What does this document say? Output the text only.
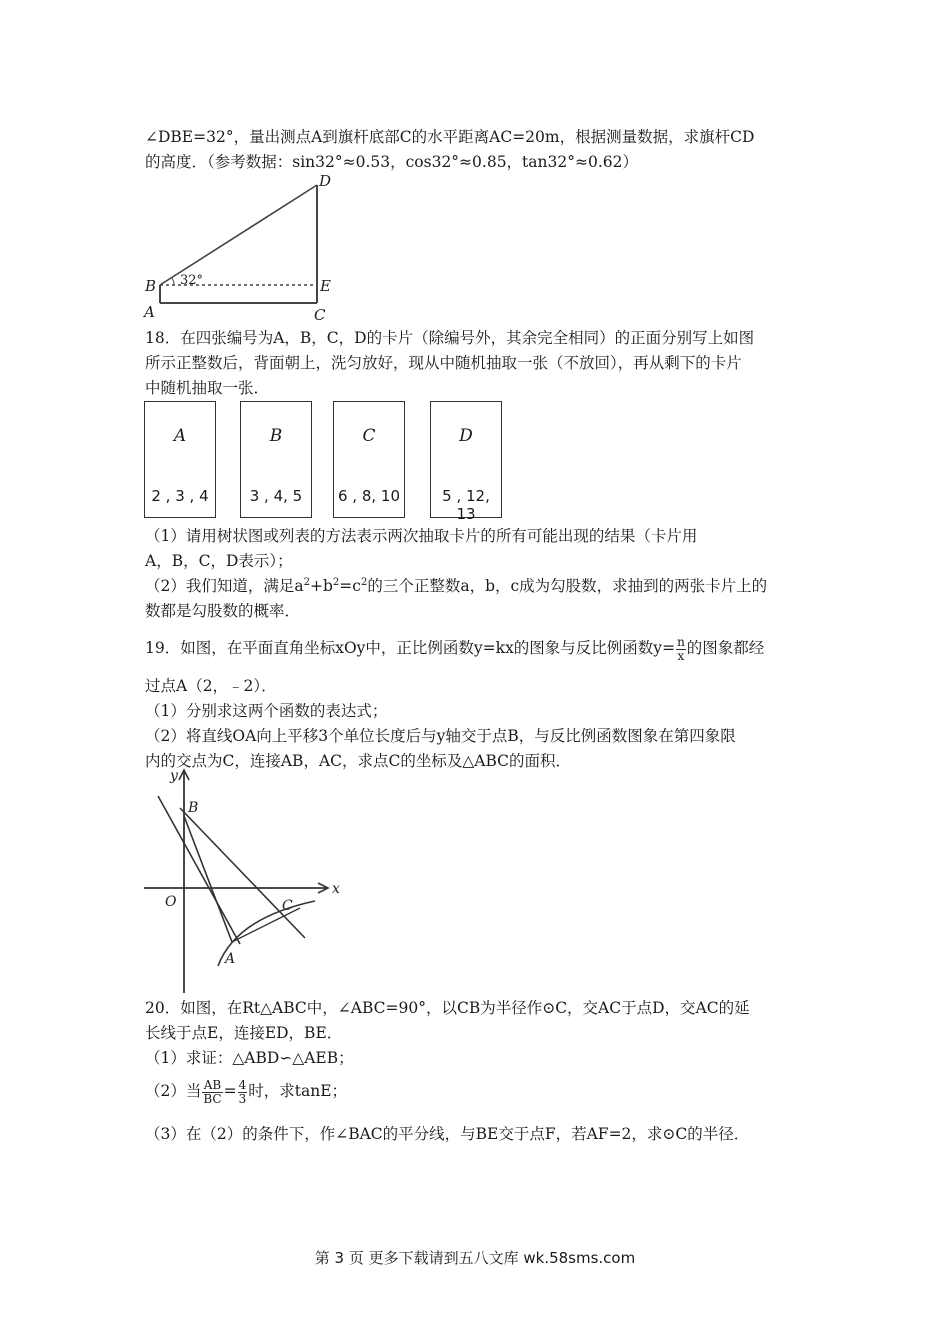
∠DBE=32°，量出测点A到旗杆底部C的水平距离AC=20m，根据测量数据，求旗杆CD
的高度．（参考数据：sin32°≈0.53，cos32°≈0.85，tan32°≈0.62）
D
B 32°	E
A	C
18．在四张编号为A，B，C，D的卡片（除编号外，其余完全相同）的正面分别写上如图
所示正整数后，背面朝上，洗匀放好，现从中随机抽取一张（不放回），再从剩下的卡片
中随机抽取一张．
A
2 , 3 , 4
B
3 , 4, 5
C
6 , 8, 10
D
5 , 12, 13
（1）请用树状图或列表的方法表示两次抽取卡片的所有可能出现的结果（卡片用
A，B，C，D表示）；
（2）我们知道，满足$a^2+b^2=c^2$的三个正整数a，b，c成为勾股数，求抽到的两张卡片上的
数都是勾股数的概率．
19．如图，在平面直角坐标xOy中，正比例函数y=kx的图象与反比例函数$y= \frac{n}{x}$ 的图象都经
过点A（2，﹣2）．
（1）分别求这两个函数的表达式；
（2）将直线OA向上平移3个单位长度后与y轴交于点B，与反比例函数图象在第四象限
内的交点为C，连接AB，AC，求点C的坐标及△ABC的面积．
y
x
B
O	C
A
20．如图，在Rt△ABC中，∠ABC=90°，以CB为半径作⊙C，交AC于点D，交AC的延
长线于点E，连接ED，BE．
（1）求证：△ABD∽△AEB；
（2）当 $\frac{AB}{BC} = \frac{4}{3}$ 时，求tanE；
（3）在（2）的条件下，作∠BAC的平分线，与BE交于点F，若AF=2，求⊙C的半径．
第 3 页 更多下载请到五八文库 wk.58sms.com
